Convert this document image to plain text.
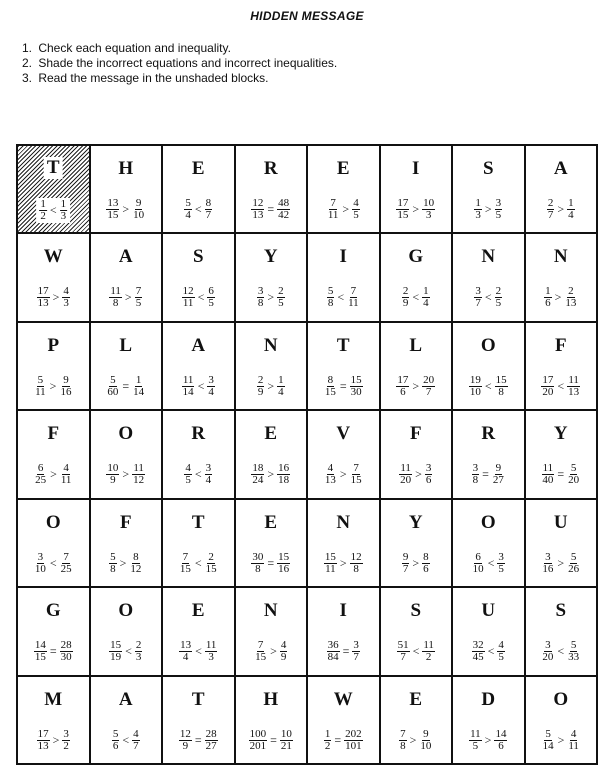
HIDDEN MESSAGE
1. Check each equation and inequality.
2. Shade the incorrect equations and incorrect inequalities.
3. Read the message in the unshaded blocks.
T
$\frac{1}{2} < \frac{1}{3}$
H
$\frac{13}{15} > \frac{9}{10}$
E
$\frac{5}{4} < \frac{8}{7}$
R
$\frac{12}{13} = \frac{48}{42}$
E
$\frac{7}{11} > \frac{4}{5}$
I
$\frac{17}{15} > \frac{10}{3}$
S
$\frac{1}{3} > \frac{3}{5}$
A
$\frac{2}{7} > \frac{1}{4}$
W
$\frac{17}{13} > \frac{4}{3}$
A
$\frac{11}{8} > \frac{7}{5}$
S
$\frac{12}{11} < \frac{6}{5}$
Y
$\frac{3}{8} > \frac{2}{5}$
I
$\frac{5}{8} < \frac{7}{11}$
G
$\frac{2}{9} < \frac{1}{4}$
N
$\frac{3}{7} < \frac{2}{5}$
N
$\frac{1}{6} > \frac{2}{13}$
P
$\frac{5}{11} > \frac{9}{16}$
L
$\frac{5}{60} = \frac{1}{14}$
A
$\frac{11}{14} < \frac{3}{4}$
N
$\frac{2}{9} > \frac{1}{4}$
T
$\frac{8}{15} = \frac{15}{30}$
L
$\frac{17}{6} > \frac{20}{7}$
O
$\frac{19}{10} < \frac{15}{8}$
F
$\frac{17}{20} < \frac{11}{13}$
F
$\frac{6}{25} > \frac{4}{11}$
O
$\frac{10}{9} > \frac{11}{12}$
R
$\frac{4}{5} < \frac{3}{4}$
E
$\frac{18}{24} > \frac{16}{18}$
V
$\frac{4}{13} > \frac{7}{15}$
F
$\frac{11}{20} > \frac{3}{6}$
R
$\frac{3}{8} = \frac{9}{27}$
Y
$\frac{11}{40} = \frac{5}{20}$
O
$\frac{3}{10} < \frac{7}{25}$
F
$\frac{5}{8} > \frac{8}{12}$
T
$\frac{7}{15} < \frac{2}{15}$
E
$\frac{30}{8} = \frac{15}{16}$
N
$\frac{15}{11} > \frac{12}{8}$
Y
$\frac{9}{7} > \frac{8}{6}$
O
$\frac{6}{10} < \frac{3}{5}$
U
$\frac{3}{16} > \frac{5}{26}$
G
$\frac{14}{15} = \frac{28}{30}$
O
$\frac{15}{19} < \frac{2}{3}$
E
$\frac{13}{4} < \frac{11}{3}$
N
$\frac{7}{15} > \frac{4}{9}$
I
$\frac{36}{84} = \frac{3}{7}$
S
$\frac{51}{7} < \frac{11}{2}$
U
$\frac{32}{45} < \frac{4}{5}$
S
$\frac{3}{20} < \frac{5}{33}$
M
$\frac{17}{13} > \frac{3}{2}$
A
$\frac{5}{6} < \frac{4}{7}$
T
$\frac{12}{9} = \frac{28}{27}$
H
$\frac{100}{201} = \frac{10}{21}$
W
$\frac{1}{2} = \frac{202}{101}$
E
$\frac{7}{8} > \frac{9}{10}$
D
$\frac{11}{5} > \frac{14}{6}$
O
$\frac{5}{14} > \frac{4}{11}$
